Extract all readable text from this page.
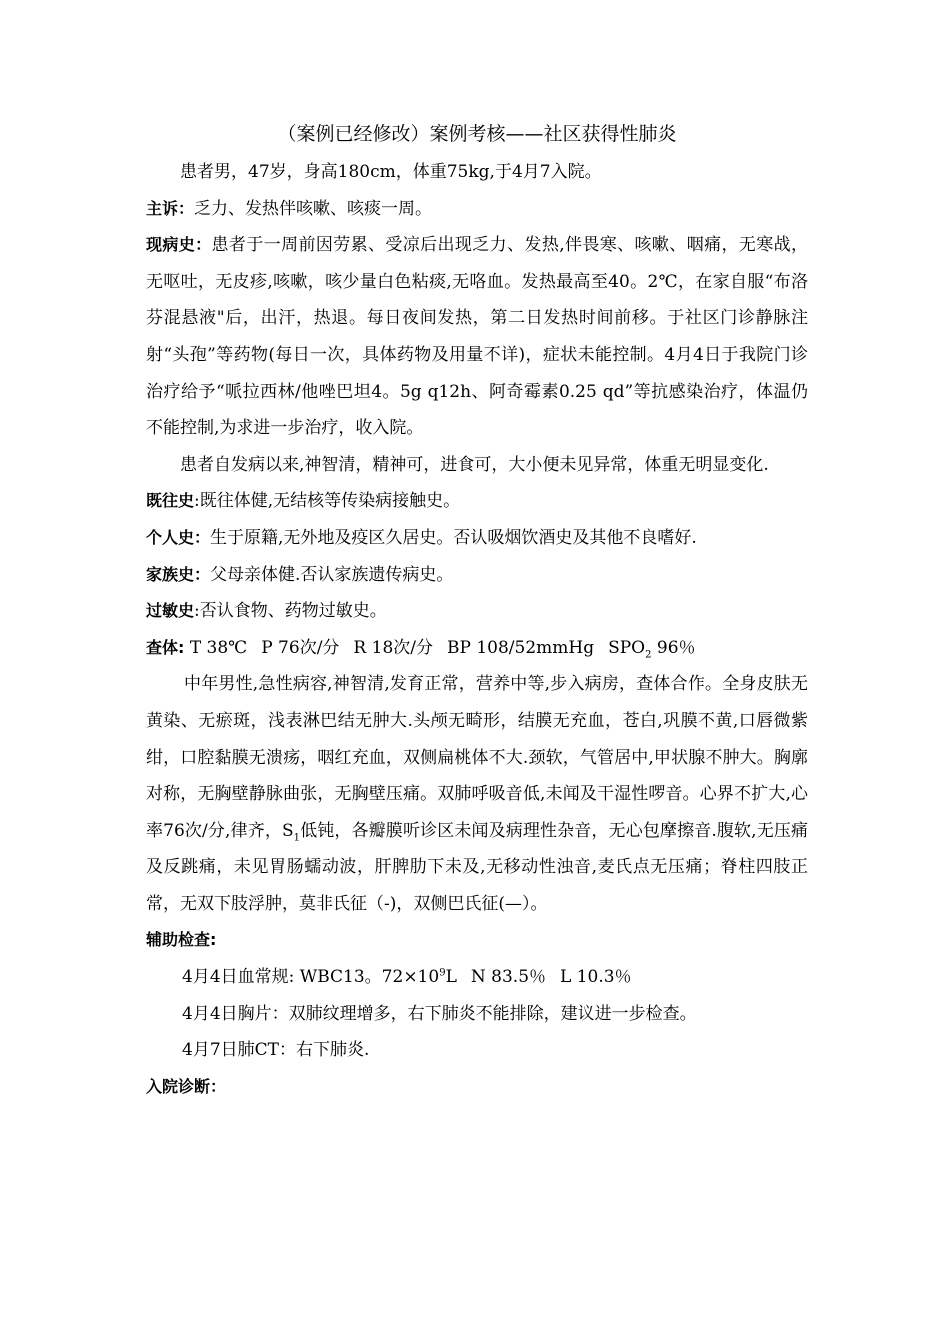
（案例已经修改）案例考核——社区获得性肺炎

患者男，47岁，身高180cm，体重75kg,于4月7入院。

主诉：乏力、发热伴咳嗽、咳痰一周。

现病史：患者于一周前因劳累、受凉后出现乏力、发热,伴畏寒、咳嗽、咽痛，无寒战，无呕吐，无皮疹,咳嗽，咳少量白色粘痰,无咯血。发热最高至40。2℃，在家自服“布洛芬混悬液"后，出汗，热退。每日夜间发热，第二日发热时间前移。于社区门诊静脉注射“头孢”等药物(每日一次，具体药物及用量不详)，症状未能控制。4月4日于我院门诊治疗给予“哌拉西林/他唑巴坦4。5g q12h、阿奇霉素0.25 qd”等抗感染治疗，体温仍不能控制,为求进一步治疗，收入院。

患者自发病以来,神智清，精神可，进食可，大小便未见异常，体重无明显变化.

既往史:既往体健,无结核等传染病接触史。

个人史：生于原籍,无外地及疫区久居史。否认吸烟饮酒史及其他不良嗜好.

家族史：父母亲体健.否认家族遗传病史。

过敏史:否认食物、药物过敏史。

查体: T 38℃ P 76次/分 R 18次/分 BP 108/52mmHg $SPO_2$ 96％

中年男性,急性病容,神智清,发育正常，营养中等,步入病房，查体合作。全身皮肤无黄染、无瘀斑，浅表淋巴结无肿大.头颅无畸形，结膜无充血，苍白,巩膜不黄,口唇微紫绀，口腔黏膜无溃疡，咽红充血，双侧扁桃体不大.颈软，气管居中,甲状腺不肿大。胸廓对称，无胸壁静脉曲张，无胸壁压痛。双肺呼吸音低,未闻及干湿性啰音。心界不扩大,心率76次/分,律齐，$S_1$低钝，各瓣膜听诊区未闻及病理性杂音，无心包摩擦音.腹软,无压痛及反跳痛，未见胃肠蠕动波，肝脾肋下未及,无移动性浊音,麦氏点无压痛；脊柱四肢正常，无双下肢浮肿，莫非氏征（-)，双侧巴氏征(—）。

辅助检查:

4月4日血常规: WBC13。$72\times 10^9L$ N 83.5％ L 10.3％

4月4日胸片：双肺纹理增多，右下肺炎不能排除，建议进一步检查。

4月7日肺CT：右下肺炎.

入院诊断：
